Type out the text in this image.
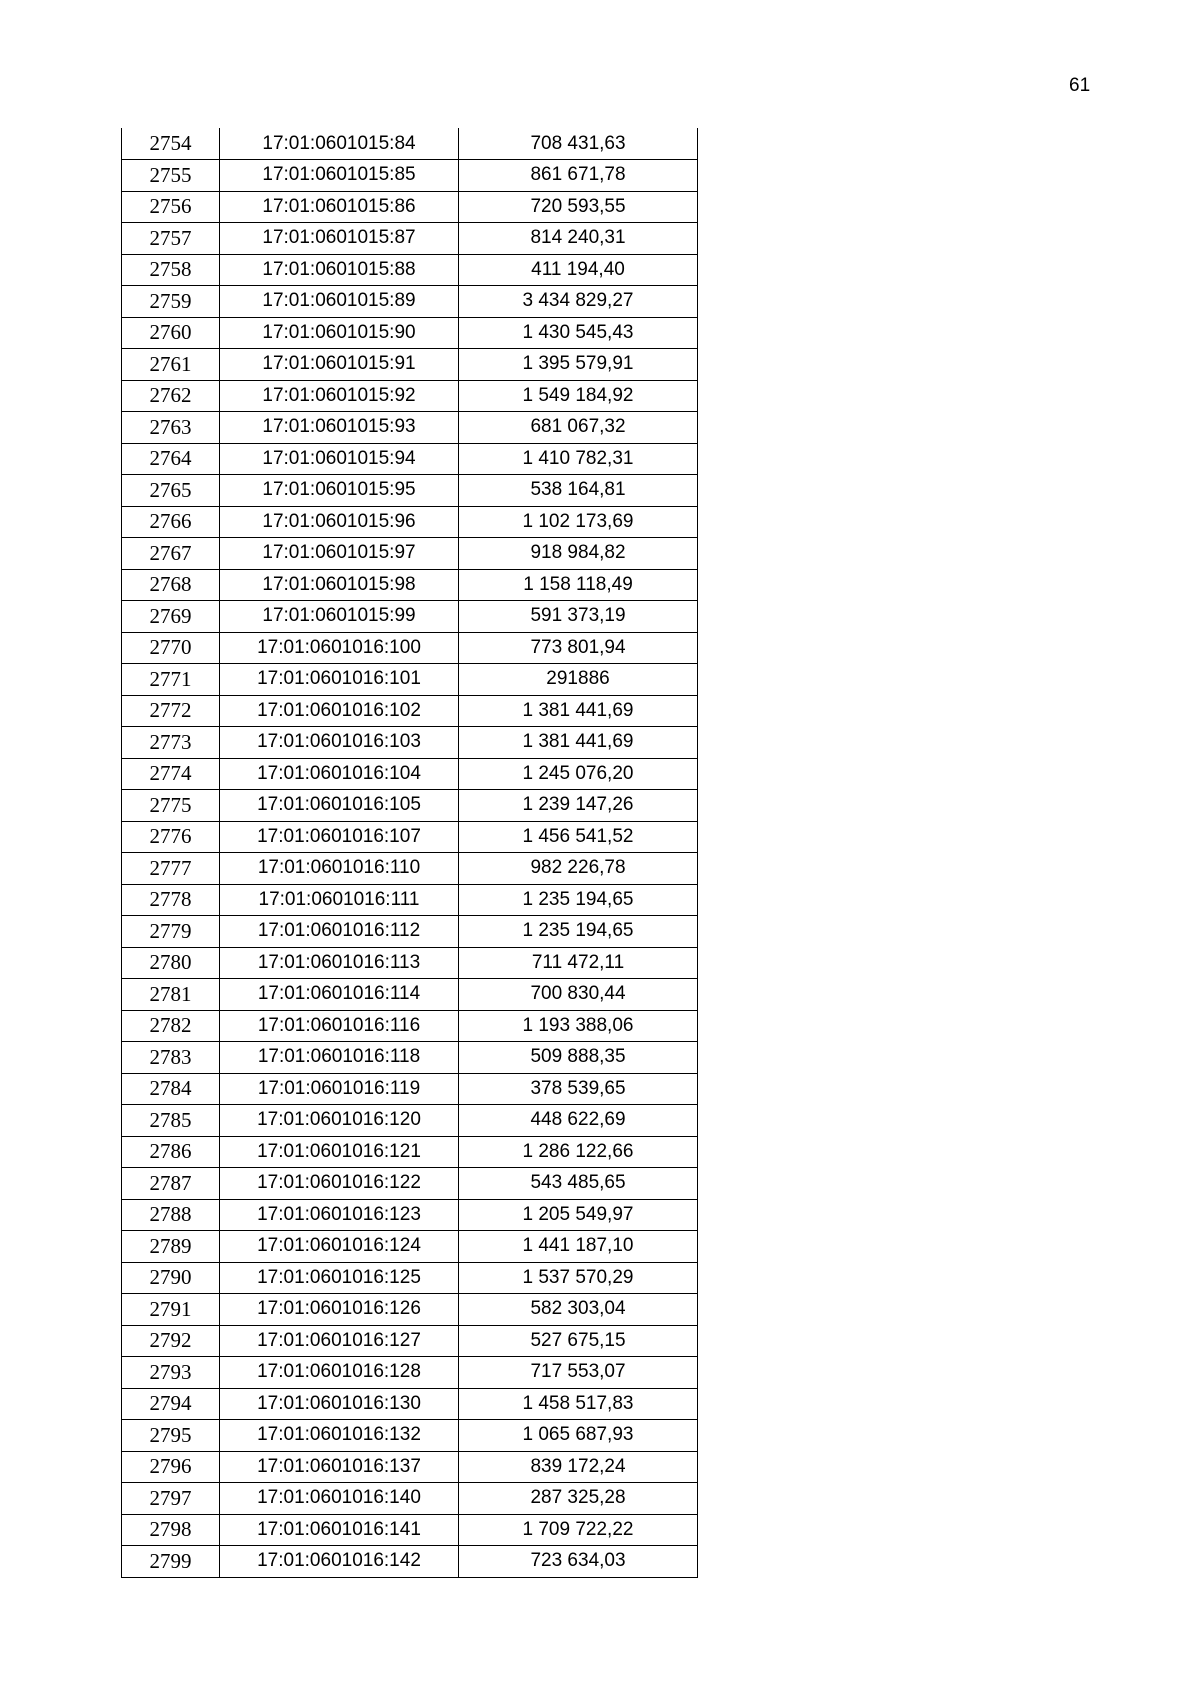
61
2754	17:01:0601015:84	708 431,63
2755	17:01:0601015:85	861 671,78
2756	17:01:0601015:86	720 593,55
2757	17:01:0601015:87	814 240,31
2758	17:01:0601015:88	411 194,40
2759	17:01:0601015:89	3 434 829,27
2760	17:01:0601015:90	1 430 545,43
2761	17:01:0601015:91	1 395 579,91
2762	17:01:0601015:92	1 549 184,92
2763	17:01:0601015:93	681 067,32
2764	17:01:0601015:94	1 410 782,31
2765	17:01:0601015:95	538 164,81
2766	17:01:0601015:96	1 102 173,69
2767	17:01:0601015:97	918 984,82
2768	17:01:0601015:98	1 158 118,49
2769	17:01:0601015:99	591 373,19
2770	17:01:0601016:100	773 801,94
2771	17:01:0601016:101	291886
2772	17:01:0601016:102	1 381 441,69
2773	17:01:0601016:103	1 381 441,69
2774	17:01:0601016:104	1 245 076,20
2775	17:01:0601016:105	1 239 147,26
2776	17:01:0601016:107	1 456 541,52
2777	17:01:0601016:110	982 226,78
2778	17:01:0601016:111	1 235 194,65
2779	17:01:0601016:112	1 235 194,65
2780	17:01:0601016:113	711 472,11
2781	17:01:0601016:114	700 830,44
2782	17:01:0601016:116	1 193 388,06
2783	17:01:0601016:118	509 888,35
2784	17:01:0601016:119	378 539,65
2785	17:01:0601016:120	448 622,69
2786	17:01:0601016:121	1 286 122,66
2787	17:01:0601016:122	543 485,65
2788	17:01:0601016:123	1 205 549,97
2789	17:01:0601016:124	1 441 187,10
2790	17:01:0601016:125	1 537 570,29
2791	17:01:0601016:126	582 303,04
2792	17:01:0601016:127	527 675,15
2793	17:01:0601016:128	717 553,07
2794	17:01:0601016:130	1 458 517,83
2795	17:01:0601016:132	1 065 687,93
2796	17:01:0601016:137	839 172,24
2797	17:01:0601016:140	287 325,28
2798	17:01:0601016:141	1 709 722,22
2799	17:01:0601016:142	723 634,03
